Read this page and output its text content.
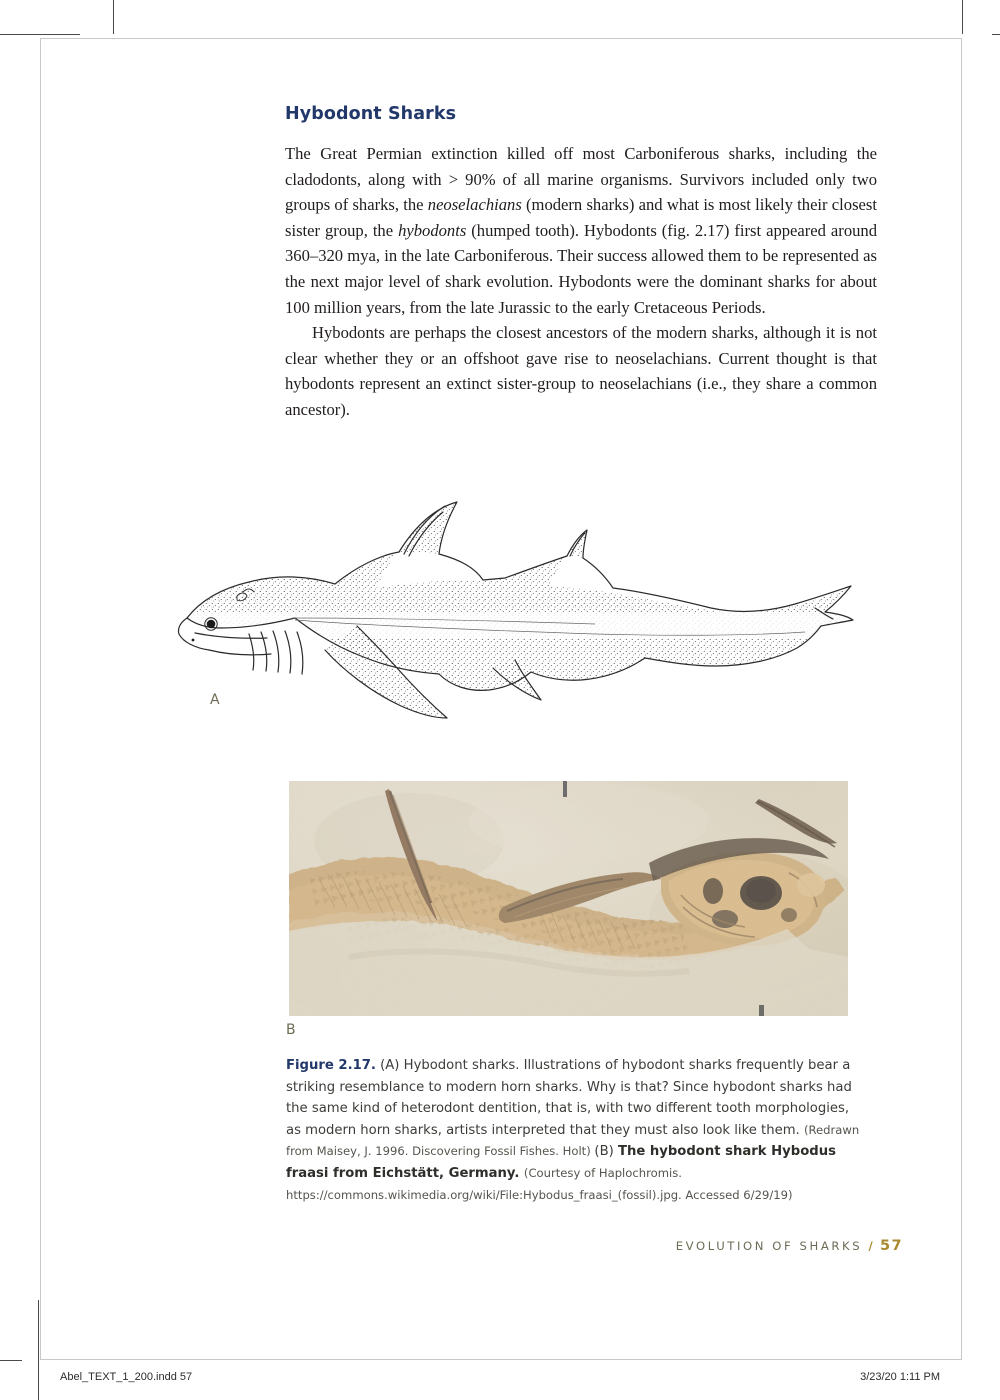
Hybodont Sharks

The Great Permian extinction killed off most Carboniferous sharks, including the cladodonts, along with > 90% of all marine organisms. Survivors included only two groups of sharks, the neoselachians (modern sharks) and what is most likely their closest sister group, the hybodonts (humped tooth). Hybodonts (fig. 2.17) first appeared around 360–320 mya, in the late Carboniferous. Their success allowed them to be represented as the next major level of shark evolution. Hybodonts were the dominant sharks for about 100 million years, from the late Jurassic to the early Cretaceous Periods.

Hybodonts are perhaps the closest ancestors of the modern sharks, although it is not clear whether they or an offshoot gave rise to neoselachians. Current thought is that hybodonts represent an extinct sister-group to neoselachians (i.e., they share a common ancestor).

A
B
Figure 2.17. (A) Hybodont sharks. Illustrations of hybodont sharks frequently bear a striking resemblance to modern horn sharks. Why is that? Since hybodont sharks had the same kind of heterodont dentition, that is, with two different tooth morphologies, as modern horn sharks, artists interpreted that they must also look like them. (Redrawn from Maisey, J. 1996. Discovering Fossil Fishes. Holt) (B) The hybodont shark Hybodus fraasi from Eichstätt, Germany. (Courtesy of Haplochromis. https://commons.wikimedia.org/wiki/File:Hybodus_fraasi_(fossil).jpg. Accessed 6/29/19)
EVOLUTION OF SHARKS / 57
Abel_TEXT_1_200.indd 57	3/23/20 1:11 PM
